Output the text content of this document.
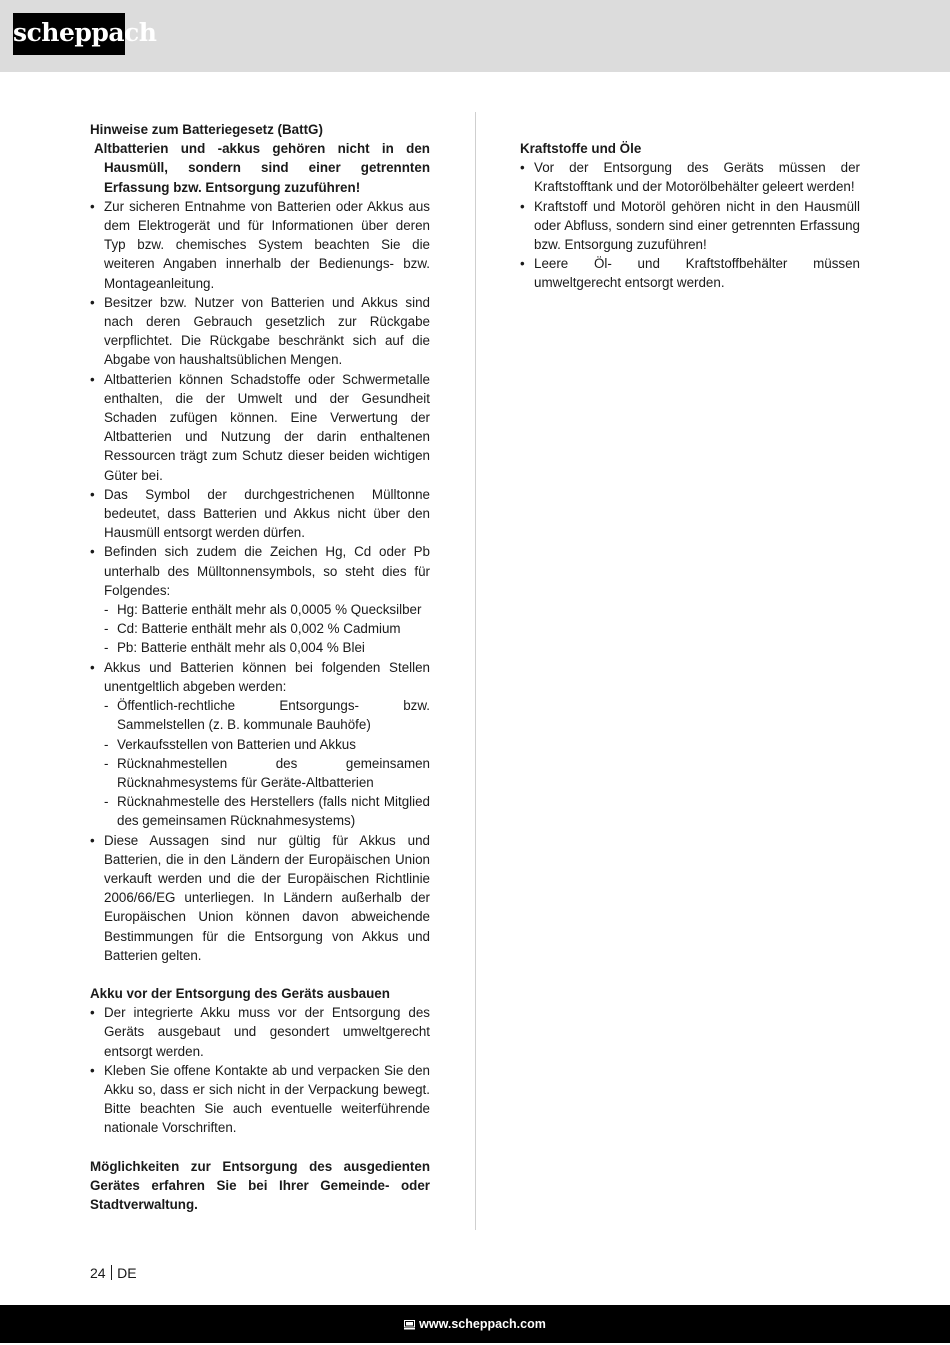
scheppach

Hinweise zum Batteriegesetz (BattG)

Altbatterien und -akkus gehören nicht in den Hausmüll, sondern sind einer getrennten Erfassung bzw. Entsorgung zuzuführen!

• Zur sicheren Entnahme von Batterien oder Akkus aus dem Elektrogerät und für Informationen über deren Typ bzw. chemisches System beachten Sie die weiteren Angaben innerhalb der Bedienungs- bzw. Montageanleitung.
• Besitzer bzw. Nutzer von Batterien und Akkus sind nach deren Gebrauch gesetzlich zur Rückgabe verpflichtet. Die Rückgabe beschränkt sich auf die Abgabe von haushaltsüblichen Mengen.
• Altbatterien können Schadstoffe oder Schwermetalle enthalten, die der Umwelt und der Gesundheit Schaden zufügen können. Eine Verwertung der Altbatterien und Nutzung der darin enthaltenen Ressourcen trägt zum Schutz dieser beiden wichtigen Güter bei.
• Das Symbol der durchgestrichenen Mülltonne bedeutet, dass Batterien und Akkus nicht über den Hausmüll entsorgt werden dürfen.
• Befinden sich zudem die Zeichen Hg, Cd oder Pb unterhalb des Mülltonnensymbols, so steht dies für Folgendes:
- Hg: Batterie enthält mehr als 0,0005 % Quecksilber
- Cd: Batterie enthält mehr als 0,002 % Cadmium
- Pb: Batterie enthält mehr als 0,004 % Blei
• Akkus und Batterien können bei folgenden Stellen unentgeltlich abgeben werden:
- Öffentlich-rechtliche Entsorgungs- bzw. Sammelstellen (z. B. kommunale Bauhöfe)
- Verkaufsstellen von Batterien und Akkus
- Rücknahmestellen des gemeinsamen Rücknahmesystems für Geräte-Altbatterien
- Rücknahmestelle des Herstellers (falls nicht Mitglied des gemeinsamen Rücknahmesystems)
• Diese Aussagen sind nur gültig für Akkus und Batterien, die in den Ländern der Europäischen Union verkauft werden und die der Europäischen Richtlinie 2006/66/EG unterliegen. In Ländern außerhalb der Europäischen Union können davon abweichende Bestimmungen für die Entsorgung von Akkus und Batterien gelten.

Akku vor der Entsorgung des Geräts ausbauen

• Der integrierte Akku muss vor der Entsorgung des Geräts ausgebaut und gesondert umweltgerecht entsorgt werden.
• Kleben Sie offene Kontakte ab und verpacken Sie den Akku so, dass er sich nicht in der Verpackung bewegt. Bitte beachten Sie auch eventuelle weiterführende nationale Vorschriften.

Möglichkeiten zur Entsorgung des ausgedienten Gerätes erfahren Sie bei Ihrer Gemeinde- oder Stadtverwaltung.

Kraftstoffe und Öle

• Vor der Entsorgung des Geräts müssen der Kraftstofftank und der Motorölbehälter geleert werden!
• Kraftstoff und Motoröl gehören nicht in den Hausmüll oder Abfluss, sondern sind einer getrennten Erfassung bzw. Entsorgung zuzuführen!
• Leere Öl- und Kraftstoffbehälter müssen umweltgerecht entsorgt werden.
24 DE
www.scheppach.com
